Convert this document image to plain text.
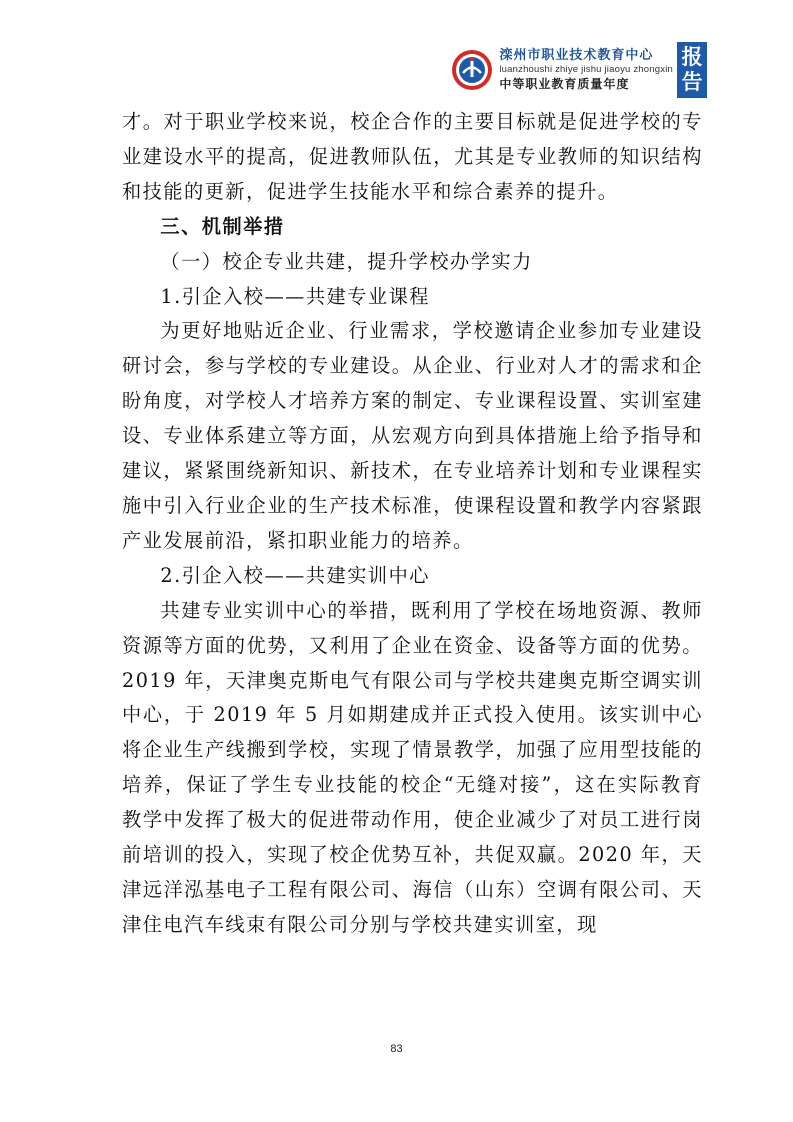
滦州市职业技术教育中心
luanzhoushi zhiye jishu jiaoyu zhongxin
中等职业教育质量年度
报
告

才。对于职业学校来说，校企合作的主要目标就是促进学校的专业建设水平的提高，促进教师队伍，尤其是专业教师的知识结构和技能的更新，促进学生技能水平和综合素养的提升。

三、机制举措

（一）校企专业共建，提升学校办学实力

1.引企入校——共建专业课程

为更好地贴近企业、行业需求，学校邀请企业参加专业建设研讨会，参与学校的专业建设。从企业、行业对人才的需求和企盼角度，对学校人才培养方案的制定、专业课程设置、实训室建设、专业体系建立等方面，从宏观方向到具体措施上给予指导和建议，紧紧围绕新知识、新技术，在专业培养计划和专业课程实施中引入行业企业的生产技术标准，使课程设置和教学内容紧跟产业发展前沿，紧扣职业能力的培养。

2.引企入校——共建实训中心

共建专业实训中心的举措，既利用了学校在场地资源、教师资源等方面的优势，又利用了企业在资金、设备等方面的优势。2019 年，天津奥克斯电气有限公司与学校共建奥克斯空调实训中心，于 2019 年 5 月如期建成并正式投入使用。该实训中心将企业生产线搬到学校，实现了情景教学，加强了应用型技能的培养，保证了学生专业技能的校企“无缝对接”，这在实际教育教学中发挥了极大的促进带动作用，使企业减少了对员工进行岗前培训的投入，实现了校企优势互补，共促双赢。2020 年，天津远洋泓基电子工程有限公司、海信（山东）空调有限公司、天津住电汽车线束有限公司分别与学校共建实训室，现

83
